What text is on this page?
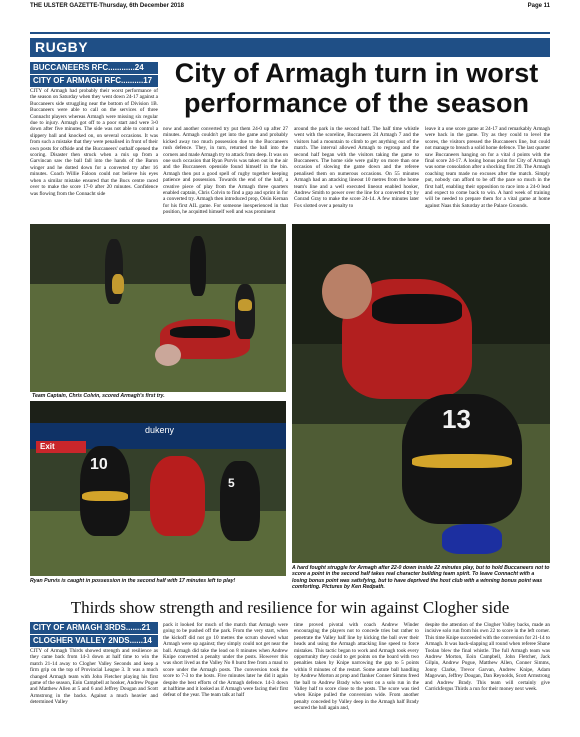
THE ULSTER GAZETTE-Thursday, 6th December 2018	Page 11
RUGBY
BUCCANEERS RFC............24
CITY OF ARMAGH RFC..........17 City of Armagh turn in worst
performance of the season
CITY of Armagh had probably their worst performance of the season on Saturday when they went down 24-17 against a Buccaneers side struggling near the bottom of Division 1B. Buccaneers were able to call on the services of three Connacht players whereas Armagh were missing six regular due to injury. Armagh got off to a poor start and were 3-0 down after five minutes. The side was not able to control a slippery ball and knocked on, on several occasions. It was from such a mistake that they were penalised in front of their own posts for offside and the Buccaneers' outhalf opened the scoring. Disaster then struck when a mix up from a Garvincan saw the ball fall into the hands of the Baron winger and he dotted down for a converted try after 16 minutes. Coach Willie Faloon could not believe his eyes when a similar mistake ensured that the Bucs centre raced over to make the score 17-0 after 20 minutes. Confidence was flowing from the Connacht side
now and another converted try put them 24-0 up after 27 minutes. Armagh couldn't get into the game and probably kicked away too much possession due to the Buccaneers rush defence. They, in turn, returned the ball into the corners and made Armagh try to attack from deep. It was on one such occasion that Ryan Purvis was taken out in the air and the Buccaneers openside found himself in the bin. Armagh then put a good spell of rugby together keeping patience and possession. Towards the end of the half, a creative piece of play from the Armagh three quarters enabled captain, Chris Colvin to find a gap and sprint in for a converted try. Armagh then introduced prop, Oisin Kernan for his first AIL game. For someone inexperienced in that position, he acquitted himself well and was prominent
around the park in the second half. The half time whistle went with the scoreline, Buccaneers 24 Armagh 7 and the visitors had a mountain to climb to get anything out of the match. The interval allowed Armagh to regroup and the second half began with the visitors taking the game to Buccaneers. The home side were guilty on more than one occasion of slowing the game down and the referee penalised them on numerous occasions. On 55 minutes Armagh had an attacking lineout 10 metres from the home team's line and a well executed lineout enabled hooker, Andrew Smith to power over the line for a converted try by Conrad Gray to make the score 24-14. A few minutes later Fox slotted over a penalty to
leave it a one score game at 24-17 and remarkably Armagh were back in the game. Try as they could to level the scores, the visitors pressed the Buccaneers line, but could not manage to breach a solid home defence. The last quarter saw Buccaneers hanging on for a vital 4 points with the final score 24-17. A losing bonus point for City of Armagh was some consolation after a shocking first 20. The Armagh coaching team made no excuses after the match. Simply put, nobody can afford to be off the pace so much in the first half, enabling their opposition to race into a 24-0 lead and expect to come back to win. A hard week of training will be needed to prepare them for a vital game at home against Naas this Saturday at the Palace Grounds.
Team Captain, Chris Colvin, scored Armagh's first try.
13
Exit
dukeny
10
5
Ryan Purvis is caught in possession in the second half with 17 minutes left to play!
A hard fought struggle for Armagh after 22-0 down inside 22 minutes play, but to hold Buccaneers not to score a point in the second half takes real character building team spirit. To leave Connacht with a losing bonus point was satisfying, but to have deprived the host club with a winning bonus point was comforting. Pictures by Ken Redpath.
Thirds show strength and resilience for win against Clogher side
CITY OF ARMAGH 3RDS.......21
CLOGHER VALLEY 2NDS......14
CITY of Armagh Thirds showed strength and resilience as they came back from 14-3 down at half time to win the match 21-14 away to Clogher Valley Seconds and keep a firm grip on the top of Provincial League 3. It was a much changed Armagh team with John Fletcher playing his first game of the season, Eoin Campbell at hooker, Andrew Pogue and Matthew Allen at 5 and 6 and Jeffrey Dougan and Scott Armstrong in the backs. Against a much heavier and determined Valley
pack it looked for much of the match that Armagh were going to be pushed off the park. From the very start, when the kickoff did not go 10 metres the scrum showed what Armagh were up against; they simply could not get near the ball. Armagh did take the lead on 8 minutes when Andrew Knipe converted a penalty under the posts. However this was short lived as the Valley No 8 burst free from a maul to score under the Armagh posts. The conversion took the score to 7-3 to the hosts. Five minutes later he did it again despite the best efforts of the Armagh defence. 14-3 down at halftime and it looked as if Armagh were facing their first defeat of the year. The team talk at half
time proved pivotal with coach Andrew Winder encouraging the players not to concede tries but rather to penetrate the Valley half line by kicking the ball over their heads and using the Armagh attacking line speed to force mistakes. This tactic began to work and Armagh took every opportunity they could to get points on the board with two penalties taken by Knipe narrowing the gap to 5 points within 8 minutes of the restart. Some astute ball handling by Andrew Morton at prop and flanker Conner Simms freed the ball to Andrew Brady who went on a solo run in the Valley half to score close to the posts. The score was tied when Knipe pulled the conversion wide. From another penalty conceded by Valley deep in the Armagh half Brady secured the ball again and,
despite the attention of the Clogher Valley backs, made an incisive solo run from his own 22 to score in the left corner. This time Knipe succeeded with the conversion for 21-14 to Armagh. It was back-slapping all round when referee Shane Toolan blew the final whistle. The full Armagh team was Andrew Morton, Eoin Campbell, John Fletcher, Jack Gilpin, Andrew Pogue, Matthew Allen, Conner Simms, Jonny Clarke, Trevor Garvan, Andrew Knipe, Adam Magowan, Jeffrey Dougan, Dan Reynolds, Scott Armstrong and Andrew Brady. This team will certainly give Carrickfergus Thirds a run for their money next week.
